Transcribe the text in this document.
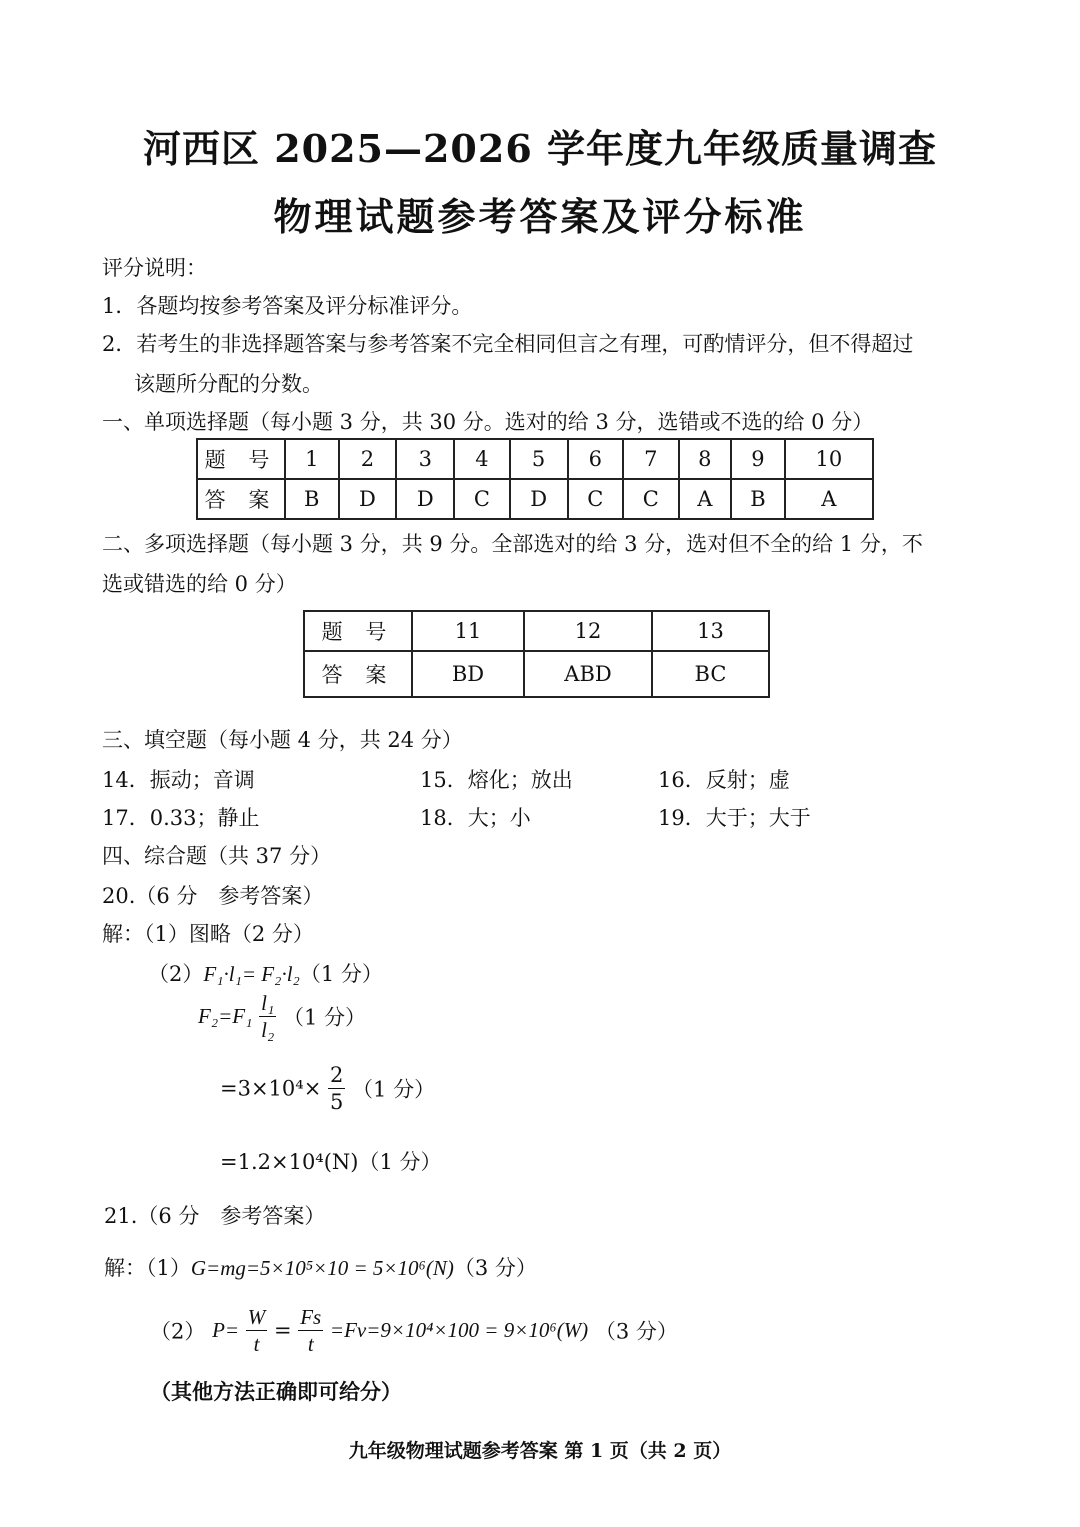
河西区 2025—2026 学年度九年级质量调查
物理试题参考答案及评分标准
评分说明：
1．各题均按参考答案及评分标准评分。
2．若考生的非选择题答案与参考答案不完全相同但言之有理，可酌情评分，但不得超过
该题所分配的分数。
一、单项选择题（每小题 3 分，共 30 分。选对的给 3 分，选错或不选的给 0 分）
题 号	1	2	3	4	5	6	7	8	9	10
答 案	B	D	D	C	D	C	C	A	B	A
二、多项选择题（每小题 3 分，共 9 分。全部选对的给 3 分，选对但不全的给 1 分，不
选或错选的给 0 分）
题 号	11	12	13
答 案	BD	ABD	BC
三、填空题（每小题 4 分，共 24 分）
14．振动；音调	15．熔化；放出	16．反射；虚
17．0.33；静止	18．大；小	19．大于；大于
四、综合题（共 37 分）
20.（6 分　参考答案）
解：（1）图略（2 分）
（2）F₁·l₁= F₂·l₂（1 分）
$F_2=F_1 \frac{\text{l₁}}{\text{l₂}} (1$ 分）
$=3\times 10^4\times \frac{2}{5} (1$ 分）
=1.2×10⁴(N)（1 分）
21.（6 分　参考答案）
解：（1）G=mg=5×10⁵×10 = 5×10⁶(N)（3 分）
（2） $P= \frac{W}{t} = \frac{Fs}{t} =Fv=9\times 10^4\times 100 = 9\times 10^6(W)$ （3 分）
（其他方法正确即可给分）
九年级物理试题参考答案 第 1 页（共 2 页）
